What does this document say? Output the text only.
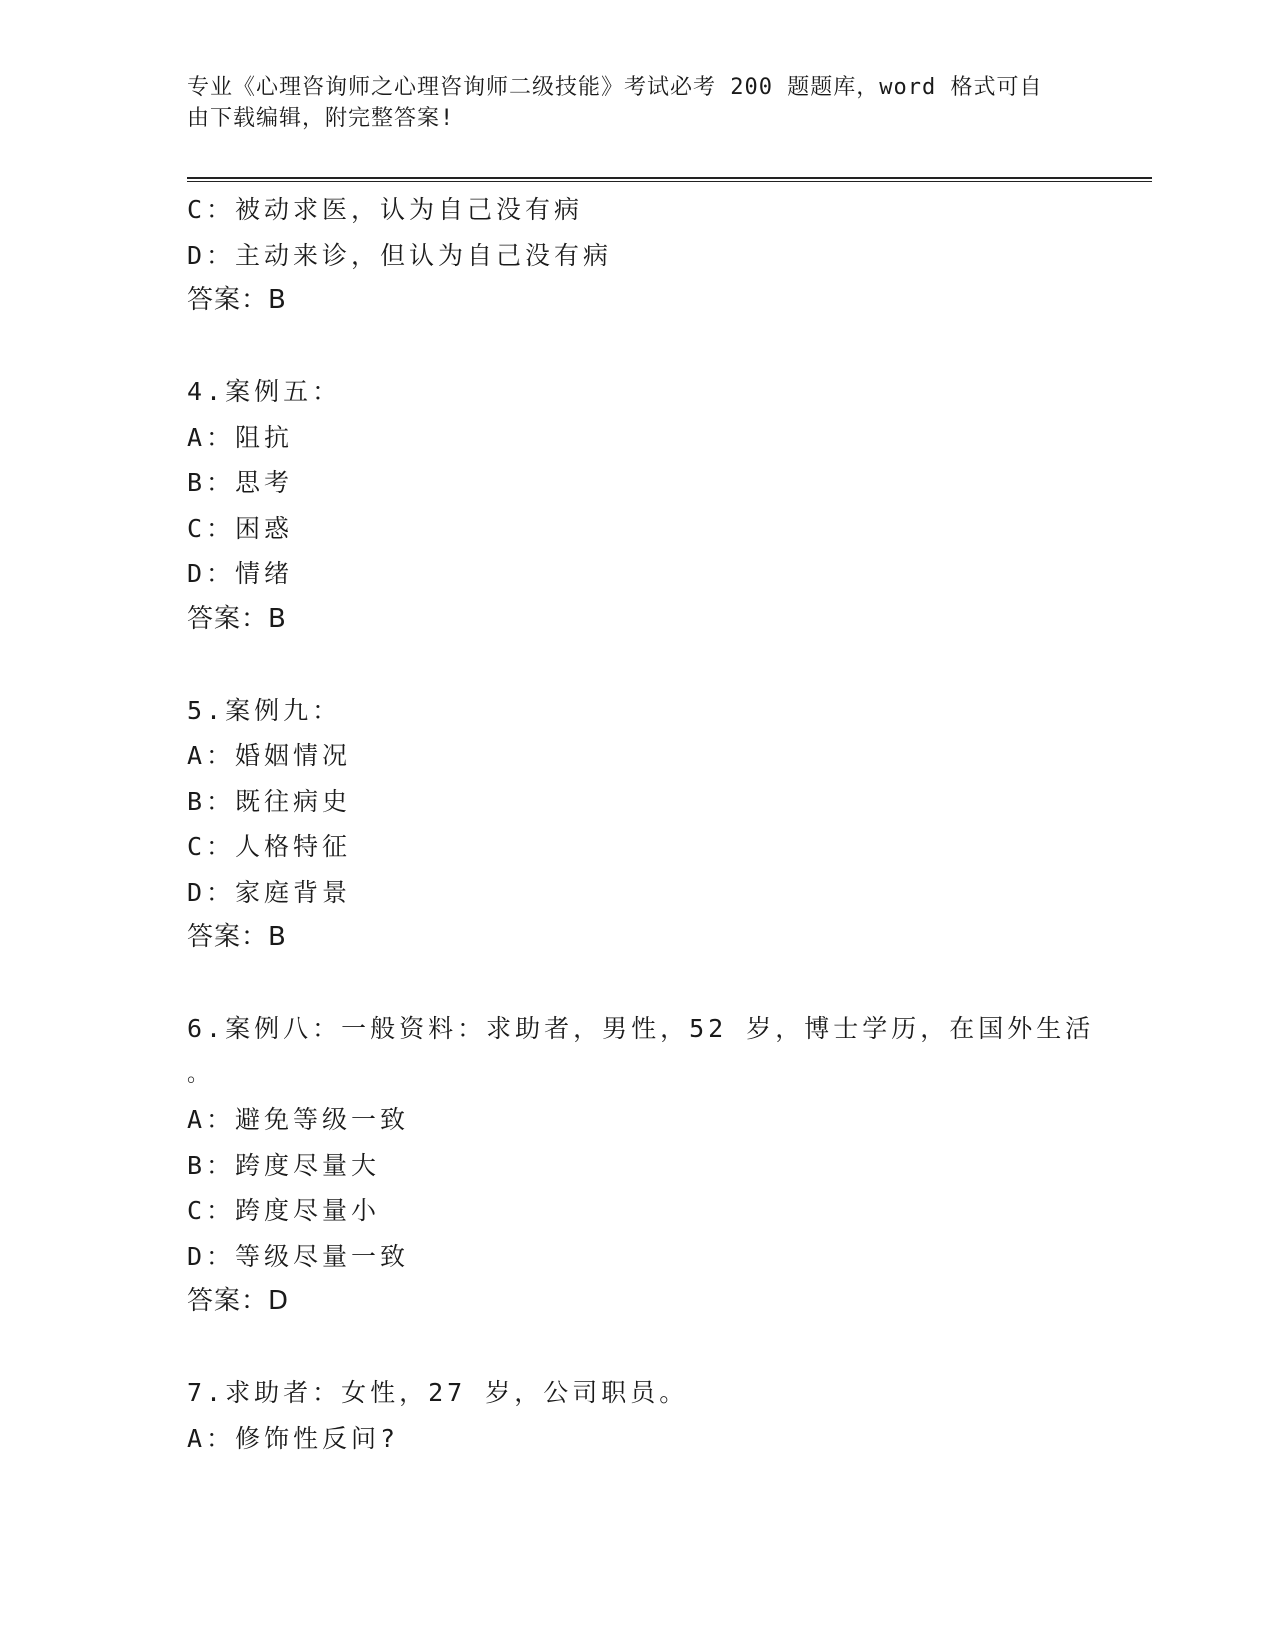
专业《心理咨询师之心理咨询师二级技能》考试必考 200 题题库，word 格式可自
由下载编辑，附完整答案!
C：被动求医，认为自己没有病
D：主动来诊，但认为自己没有病
答案：B
4.案例五：
A：阻抗
B：思考
C：困惑
D：情绪
答案：B
5.案例九：
A：婚姻情况
B：既往病史
C：人格特征
D：家庭背景
答案：B
6.案例八：一般资料：求助者，男性，52 岁，博士学历，在国外生活
。
A：避免等级一致
B：跨度尽量大
C：跨度尽量小
D：等级尽量一致
答案：D
7.求助者：女性，27 岁，公司职员。
A：修饰性反问?
